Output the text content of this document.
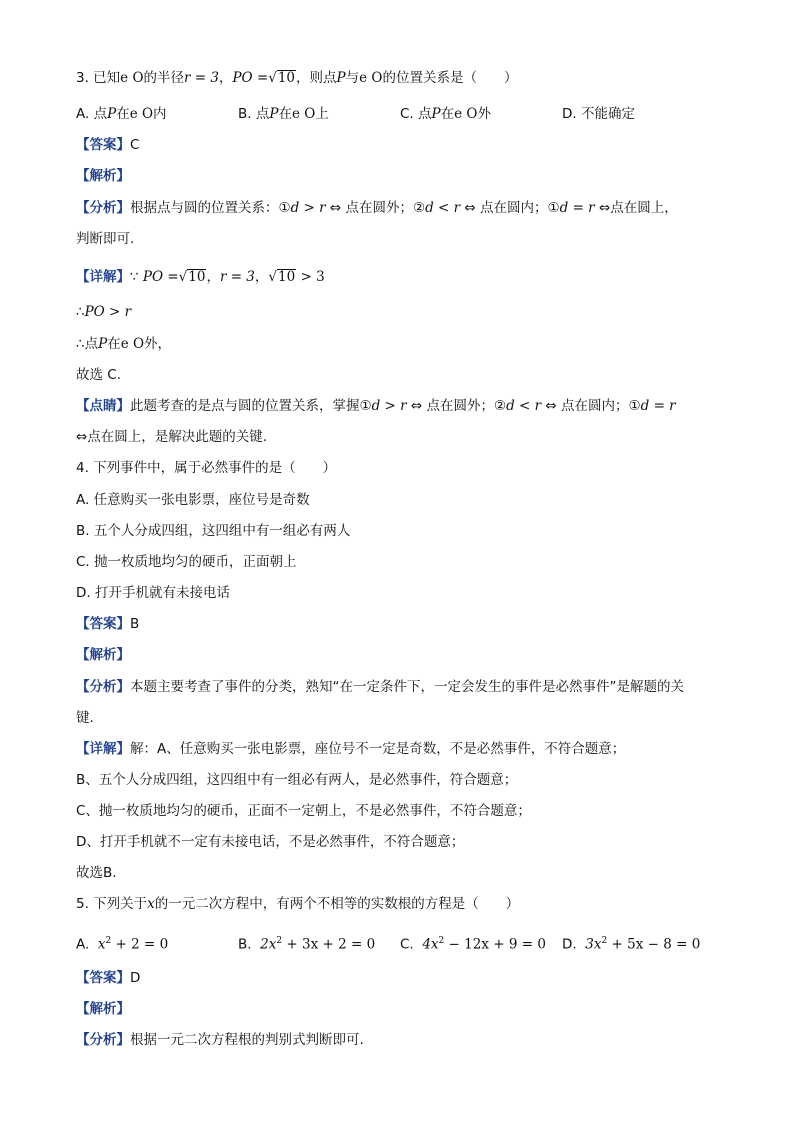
3. 已知e O的半径r = 3，PO =√10，则点P与e O的位置关系是（　　）
A. 点P在e O内	B. 点P在e O上	C. 点P在e O外	D. 不能确定
【答案】C
【解析】
【分析】根据点与圆的位置关系：①d > r ⇔ 点在圆外；②d < r ⇔ 点在圆内；①d = r ⇔点在圆上，
判断即可.
【详解】∵ PO =√10，r = 3，√10 > 3
∴PO > r
∴点P在e O外，
故选 C.
【点睛】此题考查的是点与圆的位置关系，掌握①d > r ⇔ 点在圆外；②d < r ⇔ 点在圆内；①d = r
⇔点在圆上，是解决此题的关键.
4. 下列事件中，属于必然事件的是（　　）
A. 任意购买一张电影票，座位号是奇数
B. 五个人分成四组，这四组中有一组必有两人
C. 抛一枚质地均匀的硬币，正面朝上
D. 打开手机就有未接电话
【答案】B
【解析】
【分析】本题主要考查了事件的分类，熟知“在一定条件下，一定会发生的事件是必然事件”是解题的关
键.
【详解】解：A、任意购买一张电影票，座位号不一定是奇数，不是必然事件，不符合题意；
B、五个人分成四组，这四组中有一组必有两人，是必然事件，符合题意；
C、抛一枚质地均匀的硬币，正面不一定朝上，不是必然事件，不符合题意；
D、打开手机就不一定有未接电话，不是必然事件，不符合题意；
故选B.
5. 下列关于x的一元二次方程中，有两个不相等的实数根的方程是（　　）
A. $x^2 + 2 = 0$	B. $2x^2 + 3x + 2 = 0$ C. $4x^2 - 12x + 9 = 0$ D. $3x^2 + 5x - 8 = 0$
【答案】D
【解析】
【分析】根据一元二次方程根的判别式判断即可.
